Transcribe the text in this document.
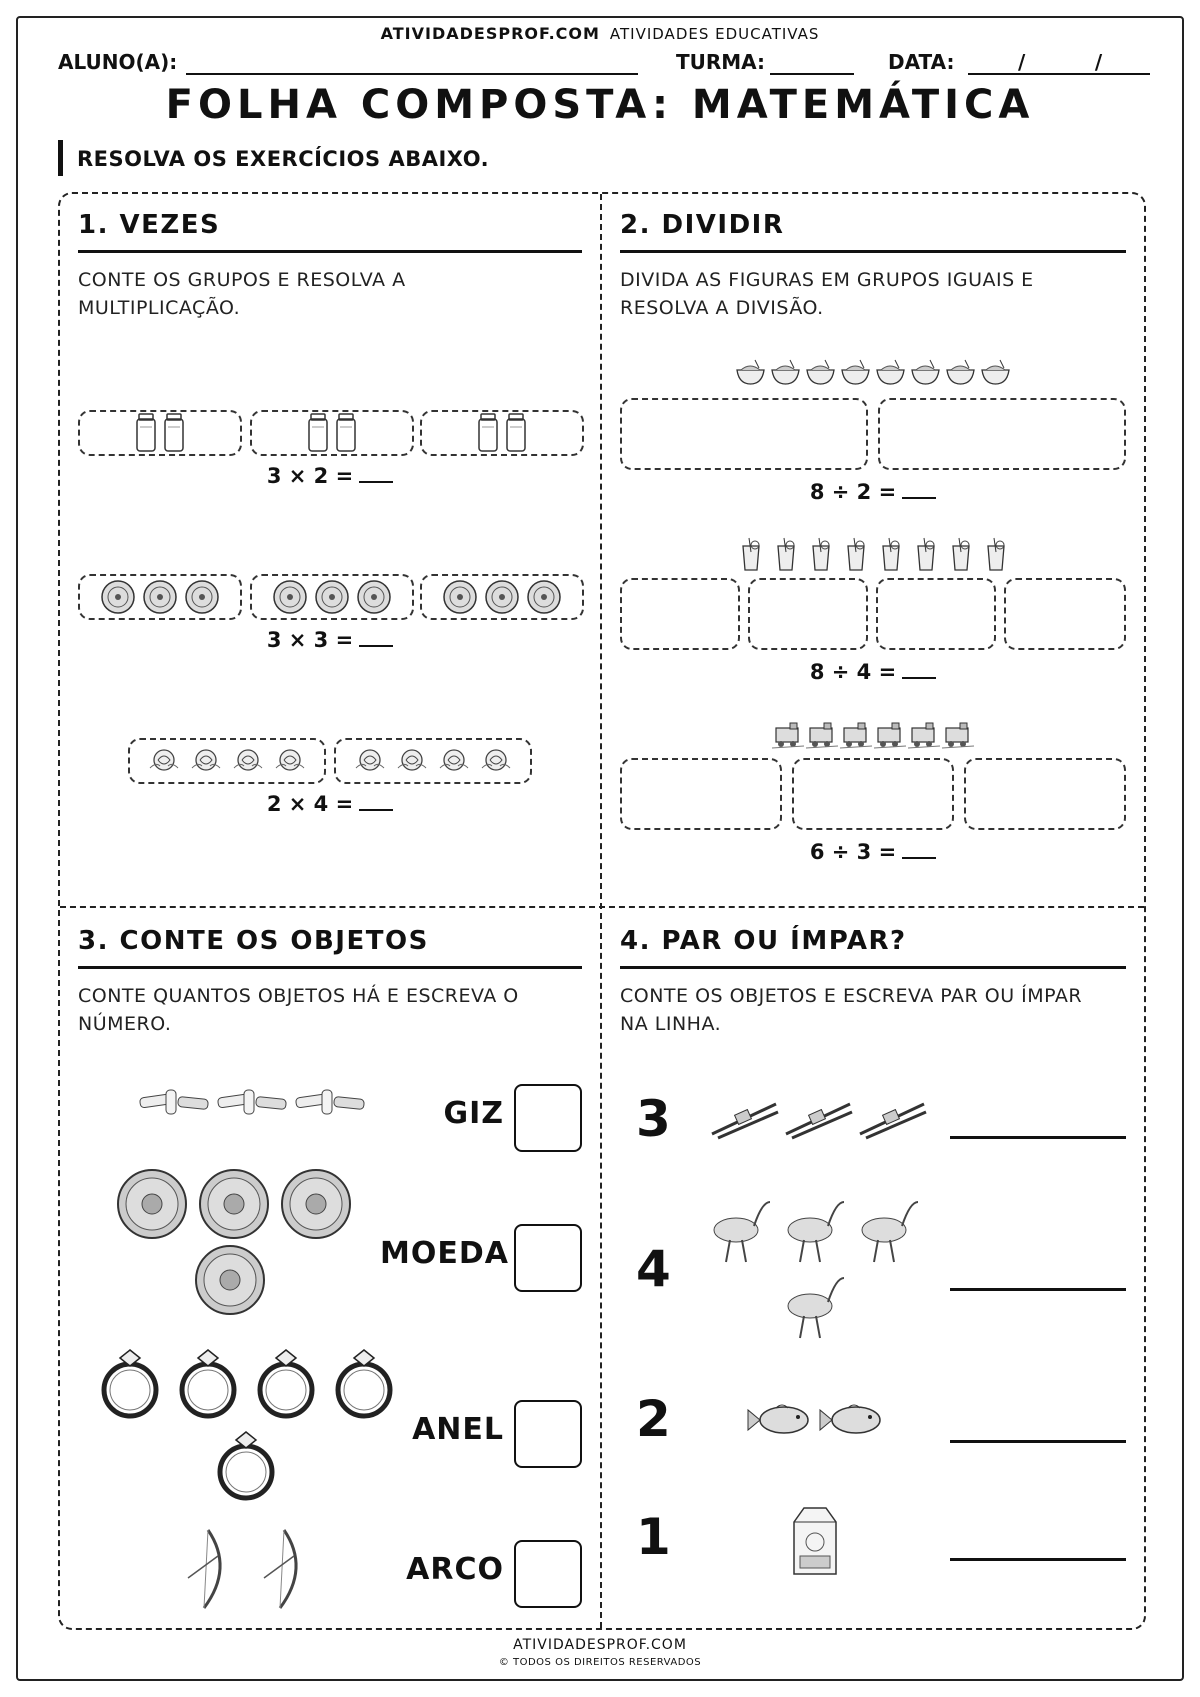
ATIVIDADESPROF.COM ATIVIDADES EDUCATIVAS
ALUNO(A):	TURMA:	DATA:	/          /
FOLHA COMPOSTA: MATEMÁTICA
RESOLVA OS EXERCÍCIOS ABAIXO.
1. VEZES
CONTE OS GRUPOS E RESOLVA A
MULTIPLICAÇÃO.
3 × 2 =
3 × 3 =
2 × 4 =
2. DIVIDIR
DIVIDA AS FIGURAS EM GRUPOS IGUAIS E
RESOLVA A DIVISÃO.
8 ÷ 2 =
8 ÷ 4 =
6 ÷ 3 =
3. CONTE OS OBJETOS
CONTE QUANTOS OBJETOS HÁ E ESCREVA O
NÚMERO.
GIZ
MOEDA
ANEL
ARCO
4. PAR OU ÍMPAR?
CONTE OS OBJETOS E ESCREVA PAR OU ÍMPAR
NA LINHA.
3
4
2
1
ATIVIDADESPROF.COM
© TODOS OS DIREITOS RESERVADOS
